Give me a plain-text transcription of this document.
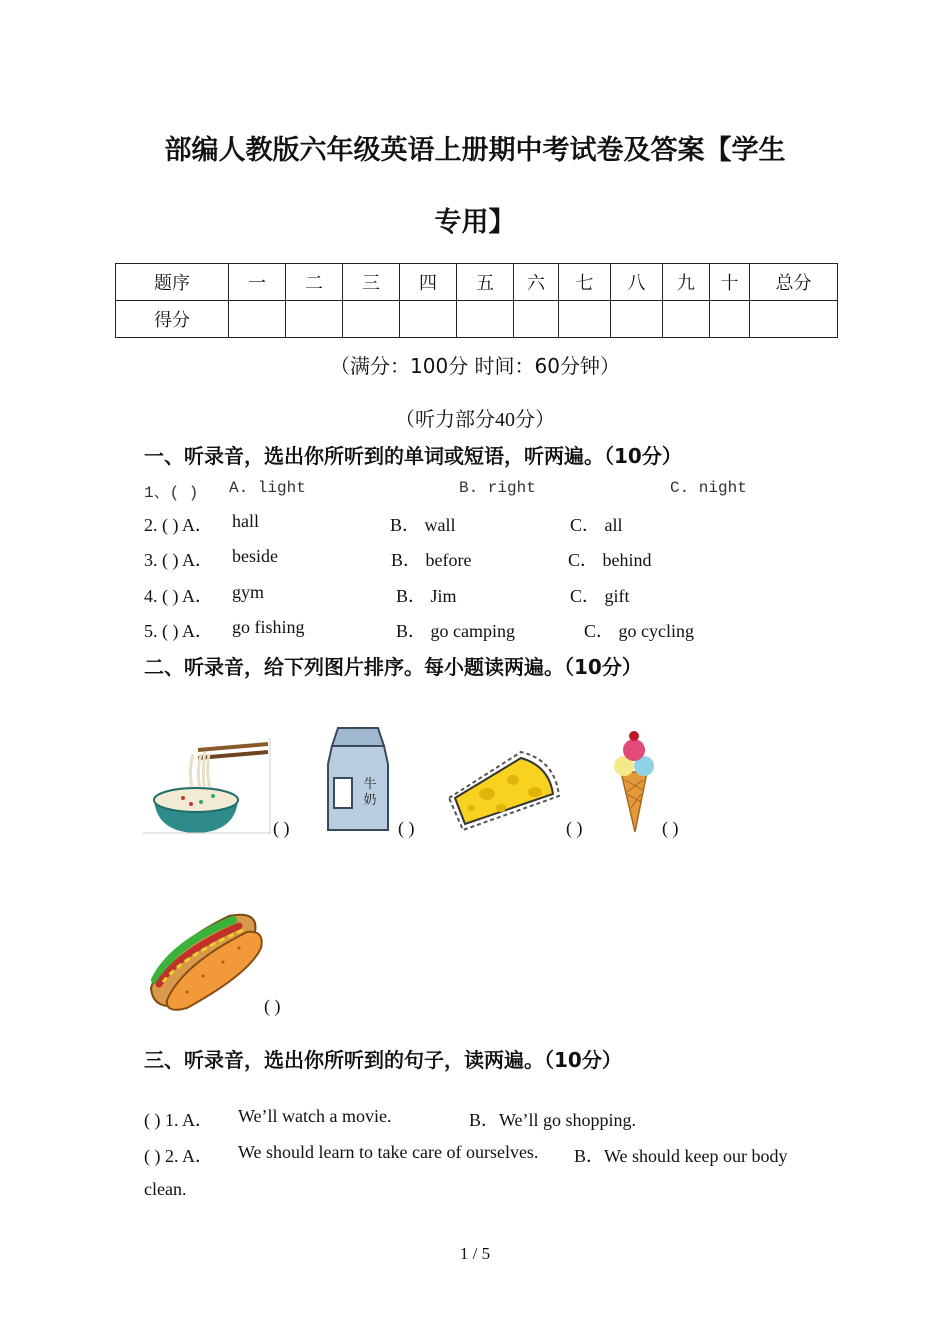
部编人教版六年级英语上册期中考试卷及答案【学生
专用】
题序	一	二	三	四	五	六	七	八	九	十	总分
得分											
（满分：100分 时间：60分钟）
（听力部分40分）
一、听录音，选出你所听到的单词或短语，听两遍。（10分）
1、( ) A. light	B. right	C. night
2. ( ) A． hall	B． wall	C． all
3. ( ) A． beside	B． before	C． behind
4. ( ) A． gym	B． Jim	C． gift
5. ( ) A． go fishing	B． go camping	C． go cycling
二、听录音，给下列图片排序。每小题读两遍。（10分）
( )
牛
奶
( )	( )	( )
( )
三、听录音，选出你所听到的句子，读两遍。（10分）
( ) 1. A． We’ll watch a movie.	B．We’ll go shopping.
( ) 2. A． We should learn to take care of ourselves. B．We should keep our body
clean.
1 / 5
